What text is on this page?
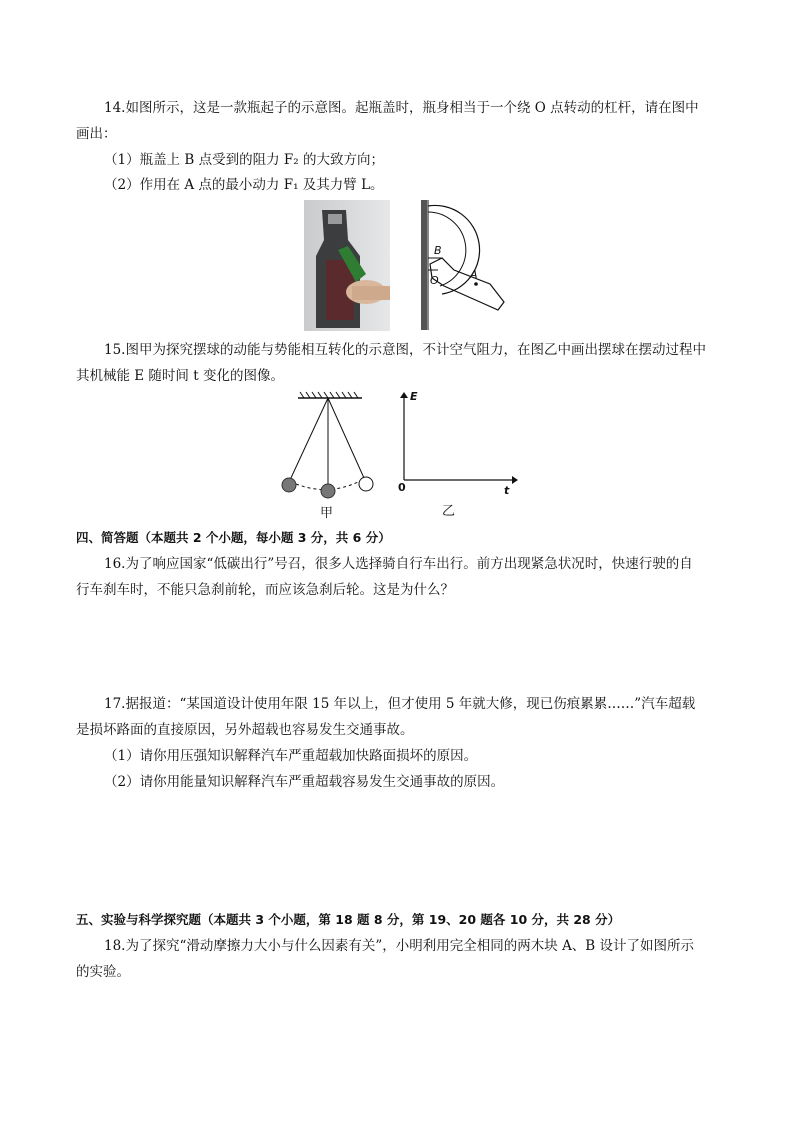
14.如图所示，这是一款瓶起子的示意图。起瓶盖时，瓶身相当于一个绕 O 点转动的杠杆，请在图中
画出：
（1）瓶盖上 B 点受到的阻力 F₂ 的大致方向；
（2）作用在 A 点的最小动力 F₁ 及其力臂 L。
B
O	A
15.图甲为探究摆球的动能与势能相互转化的示意图，不计空气阻力，在图乙中画出摆球在摆动过程中
其机械能 E 随时间 t 变化的图像。
甲
E
0	t
乙
四、简答题（本题共 2 个小题，每小题 3 分，共 6 分）
16.为了响应国家“低碳出行”号召，很多人选择骑自行车出行。前方出现紧急状况时，快速行驶的自
行车刹车时，不能只急刹前轮，而应该急刹后轮。这是为什么？
17.据报道：“某国道设计使用年限 15 年以上，但才使用 5 年就大修，现已伤痕累累……”汽车超载
是损坏路面的直接原因，另外超载也容易发生交通事故。
（1）请你用压强知识解释汽车严重超载加快路面损坏的原因。
（2）请你用能量知识解释汽车严重超载容易发生交通事故的原因。
五、实验与科学探究题（本题共 3 个小题，第 18 题 8 分，第 19、20 题各 10 分，共 28 分）
18.为了探究“滑动摩擦力大小与什么因素有关”，小明利用完全相同的两木块 A、B 设计了如图所示
的实验。
